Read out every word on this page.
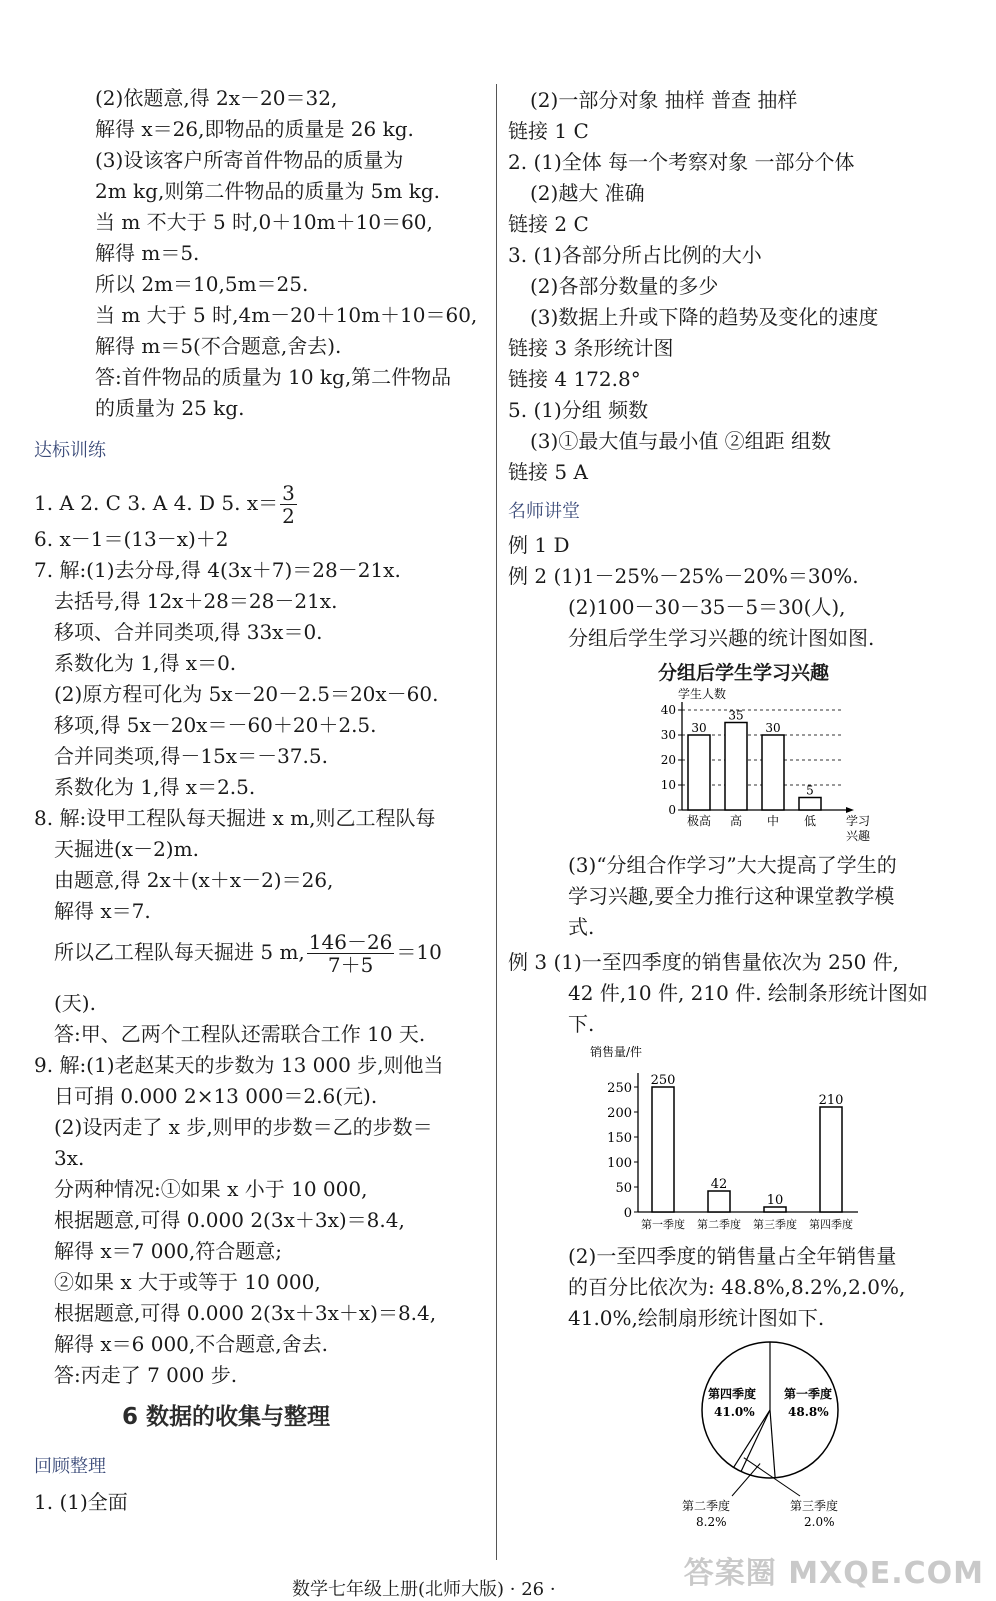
(2)依题意,得 2x－20＝32,
解得 x＝26,即物品的质量是 26 kg.
(3)设该客户所寄首件物品的质量为
2m kg,则第二件物品的质量为 5m kg.
当 m 不大于 5 时,0＋10m＋10＝60,
解得 m＝5.
所以 2m＝10,5m＝25.
当 m 大于 5 时,4m－20＋10m＋10＝60,
解得 m＝5(不合题意,舍去).
答:首件物品的质量为 10 kg,第二件物品
的质量为 25 kg.
达标训练
1. A 2. C 3. A 4. D 5. $x= \frac{3}{2}$
6. x－1＝(13－x)＋2
7. 解:(1)去分母,得 4(3x＋7)＝28－21x.
去括号,得 12x＋28＝28－21x.
移项、合并同类项,得 33x＝0.
系数化为 1,得 x＝0.
(2)原方程可化为 5x－20－2.5＝20x－60.
移项,得 5x－20x＝－60＋20＋2.5.
合并同类项,得－15x＝－37.5.
系数化为 1,得 x＝2.5.
8. 解:设甲工程队每天掘进 x m,则乙工程队每
天掘进(x－2)m.
由题意,得 2x＋(x＋x－2)＝26,
解得 x＝7.
所以乙工程队每天掘进 5 m, $\frac{146-26}{7+5} =10$
(天).
答:甲、乙两个工程队还需联合工作 10 天.
9. 解:(1)老赵某天的步数为 13 000 步,则他当
日可捐 0.000 2×13 000＝2.6(元).
(2)设丙走了 x 步,则甲的步数＝乙的步数＝
3x.
分两种情况:①如果 x 小于 10 000,
根据题意,可得 0.000 2(3x＋3x)＝8.4,
解得 x＝7 000,符合题意;
②如果 x 大于或等于 10 000,
根据题意,可得 0.000 2(3x＋3x＋x)＝8.4,
解得 x＝6 000,不合题意,舍去.
答:丙走了 7 000 步.
6 数据的收集与整理
回顾整理
1. (1)全面
(2)一部分对象 抽样 普查 抽样
链接 1 C
2. (1)全体 每一个考察对象 一部分个体
(2)越大 准确
链接 2 C
3. (1)各部分所占比例的大小
(2)各部分数量的多少
(3)数据上升或下降的趋势及变化的速度
链接 3 条形统计图
链接 4 172.8°
5. (1)分组 频数
(3)①最大值与最小值 ②组距 组数
链接 5 A
名师讲堂
例 1 D
例 2 (1)1－25%－25%－20%＝30%.
(2)100－30－35－5＝30(人),
分组后学生学习兴趣的统计图如图.
分组后学生学习兴趣
学生人数
0
10
20
30
40
30
极高
35
高
30
中
5
低 学习
兴趣
(3)“分组合作学习”大大提高了学生的
学习兴趣,要全力推行这种课堂教学模
式.
例 3 (1)一至四季度的销售量依次为 250 件,
42 件,10 件, 210 件. 绘制条形统计图如
下.
销售量/件
0
50
100
150
200
250
250
第一季度
42
第二季度
10
第三季度
210
第四季度
(2)一至四季度的销售量占全年销售量
的百分比依次为: 48.8%,8.2%,2.0%,
41.0%,绘制扇形统计图如下.
第一季度
48.8%
第四季度
41.0%
第二季度
8.2%
第三季度
2.0%
数学七年级上册(北师大版) · 26 ·	答案圈 MXQE.COM
